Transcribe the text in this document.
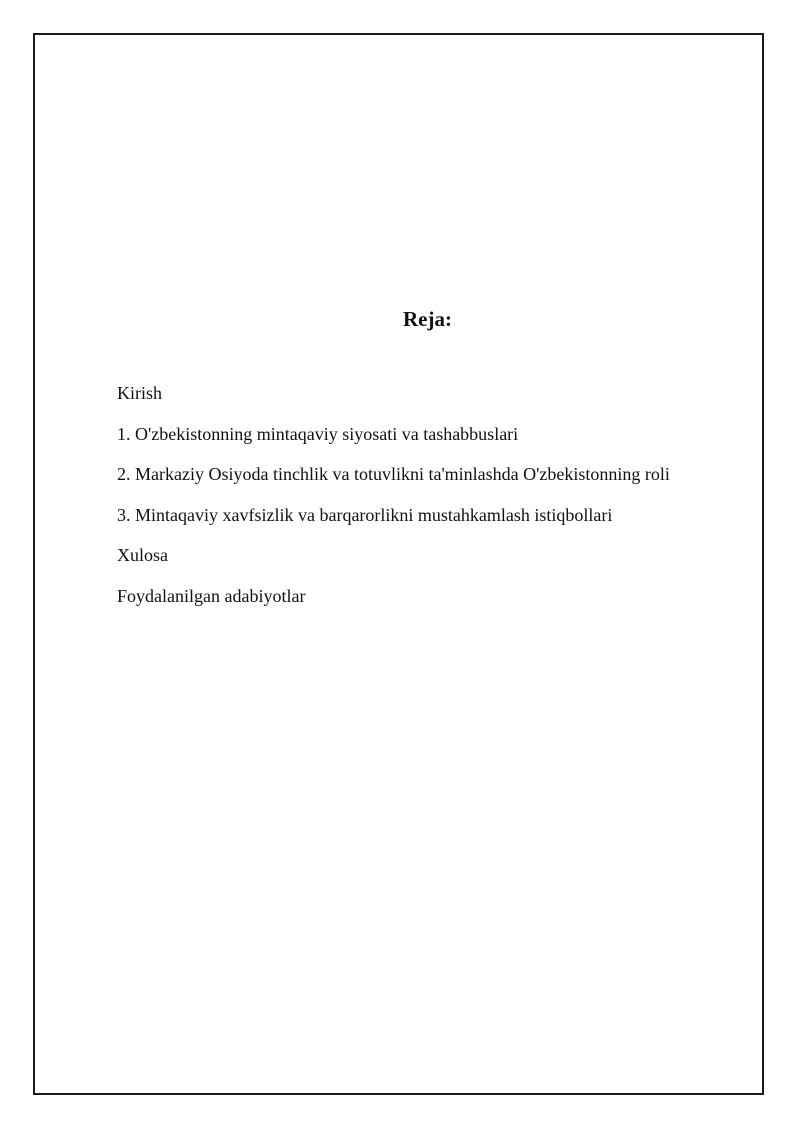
Reja:
Kirish
1. O'zbekistonning mintaqaviy siyosati va tashabbuslari
2. Markaziy Osiyoda tinchlik va totuvlikni ta'minlashda O'zbekistonning roli
3. Mintaqaviy xavfsizlik va barqarorlikni mustahkamlash istiqbollari
Xulosa
Foydalanilgan adabiyotlar
